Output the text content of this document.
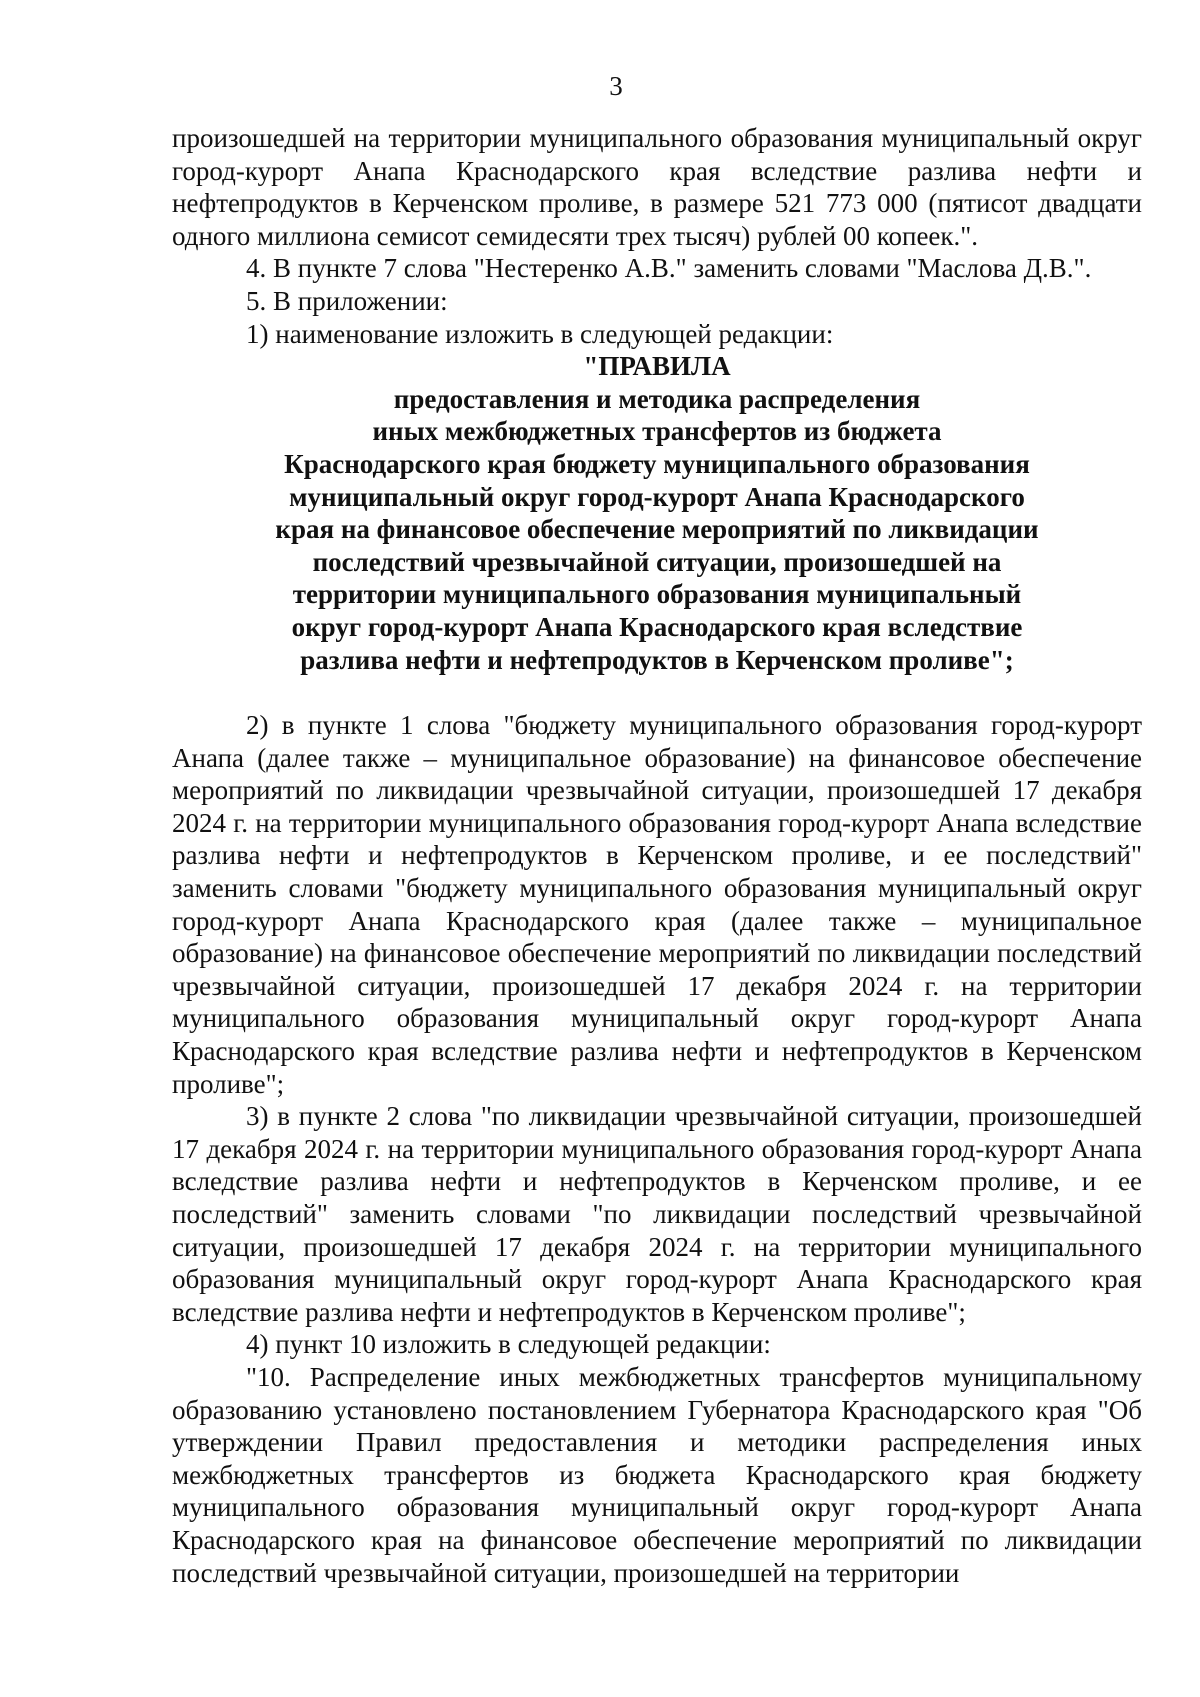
3

произошедшей на территории муниципального образования муниципальный округ город-курорт Анапа Краснодарского края вследствие разлива нефти и нефтепродуктов в Керченском проливе, в размере 521 773 000 (пятисот двадцати одного миллиона семисот семидесяти трех тысяч) рублей 00 копеек.".

4. В пункте 7 слова "Нестеренко А.В." заменить словами "Маслова Д.В.".

5. В приложении:

1) наименование изложить в следующей редакции:

"ПРАВИЛА

предоставления и методика распределения
иных межбюджетных трансфертов из бюджета
Краснодарского края бюджету муниципального образования
муниципальный округ город-курорт Анапа Краснодарского
края на финансовое обеспечение мероприятий по ликвидации
последствий чрезвычайной ситуации, произошедшей на
территории муниципального образования муниципальный
округ город-курорт Анапа Краснодарского края вследствие
разлива нефти и нефтепродуктов в Керченском проливе";

2) в пункте 1 слова "бюджету муниципального образования город-курорт Анапа (далее также – муниципальное образование) на финансовое обеспечение мероприятий по ликвидации чрезвычайной ситуации, произошедшей 17 декабря 2024 г. на территории муниципального образования город-курорт Анапа вследствие разлива нефти и нефтепродуктов в Керченском проливе, и ее последствий" заменить словами "бюджету муниципального образования муниципальный округ город-курорт Анапа Краснодарского края (далее также – муниципальное образование) на финансовое обеспечение мероприятий по ликвидации последствий чрезвычайной ситуации, произошедшей 17 декабря 2024 г. на территории муниципального образования муниципальный округ город-курорт Анапа Краснодарского края вследствие разлива нефти и нефтепродуктов в Керченском проливе";

3) в пункте 2 слова "по ликвидации чрезвычайной ситуации, произошедшей 17 декабря 2024 г. на территории муниципального образования город-курорт Анапа вследствие разлива нефти и нефтепродуктов в Керченском проливе, и ее последствий" заменить словами "по ликвидации последствий чрезвычайной ситуации, произошедшей 17 декабря 2024 г. на территории муниципального образования муниципальный округ город-курорт Анапа Краснодарского края вследствие разлива нефти и нефтепродуктов в Керченском проливе";

4) пункт 10 изложить в следующей редакции:

"10. Распределение иных межбюджетных трансфертов муниципальному образованию установлено постановлением Губернатора Краснодарского края "Об утверждении Правил предоставления и методики распределения иных межбюджетных трансфертов из бюджета Краснодарского края бюджету муниципального образования муниципальный округ город-курорт Анапа Краснодарского края на финансовое обеспечение мероприятий по ликвидации последствий чрезвычайной ситуации, произошедшей на территории
